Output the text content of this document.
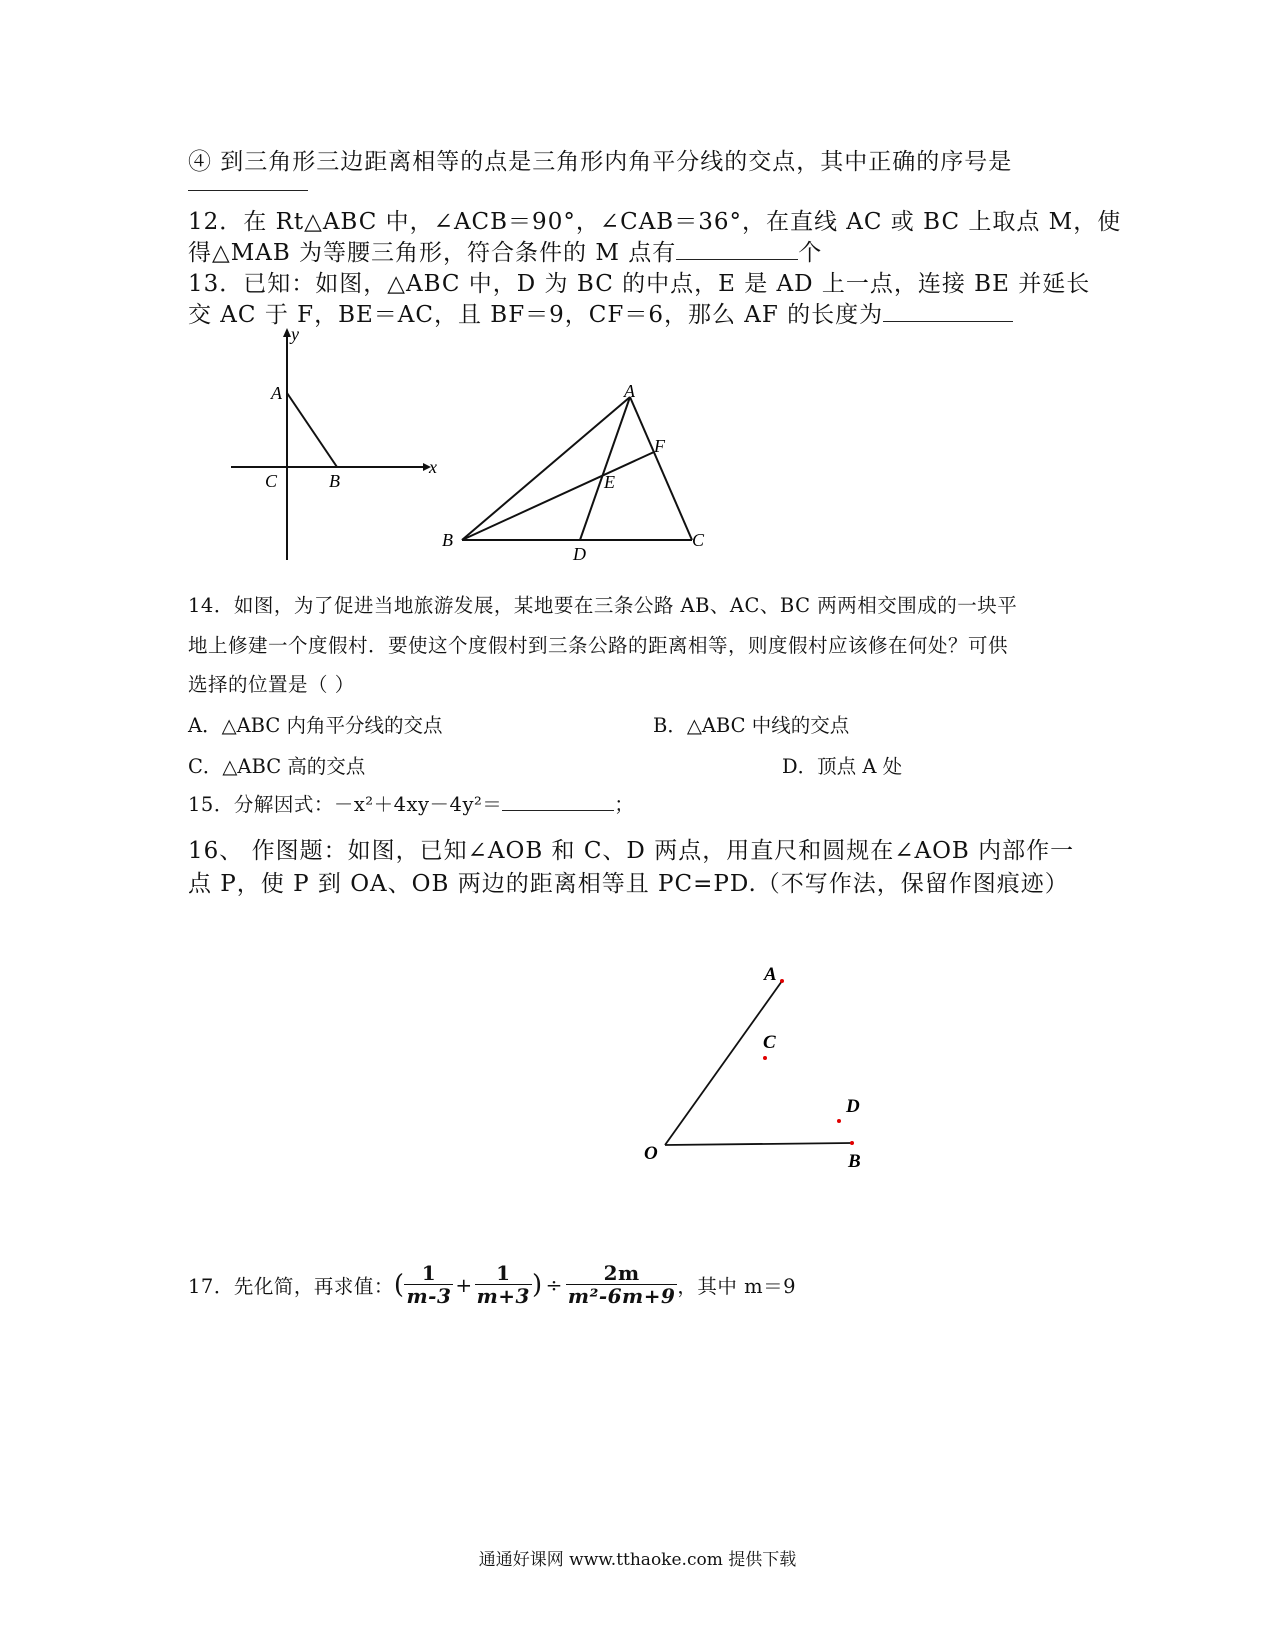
④ 到三角形三边距离相等的点是三角形内角平分线的交点，其中正确的序号是
12．在 Rt△ABC 中，∠ACB＝90°，∠CAB＝36°，在直线 AC 或 BC 上取点 M，使
得△MAB 为等腰三角形，符合条件的 M 点有	个
13．已知：如图，△ABC 中，D 为 BC 的中点，E 是 AD 上一点，连接 BE 并延长
交 AC 于 F，BE＝AC，且 BF＝9，CF＝6，那么 AF 的长度为
y
x
A
C	B
A
F
E
B
D
C
14．如图，为了促进当地旅游发展，某地要在三条公路 AB、AC、BC 两两相交围成的一块平
地上修建一个度假村．要使这个度假村到三条公路的距离相等，则度假村应该修在何处？可供
选择的位置是（ ）
A．△ABC 内角平分线的交点	B．△ABC 中线的交点
C．△ABC 高的交点	D．顶点 A 处
15．分解因式：－x²＋4xy－4y²＝	；
16、 作图题：如图，已知∠AOB 和 C、D 两点，用直尺和圆规在∠AOB 内部作一
点 P，使 P 到 OA、OB 两边的距离相等且 PC=PD.（不写作法，保留作图痕迹）
A
C
D
O	B
17．先化简，再求值： ( $\frac{1}{m-3} + \frac{1}{m+3}$ ) ÷ $\frac{2m}{\text{m²-6m+9}}$ ，其中 m＝9
通通好课网 www.tthaoke.com 提供下载
